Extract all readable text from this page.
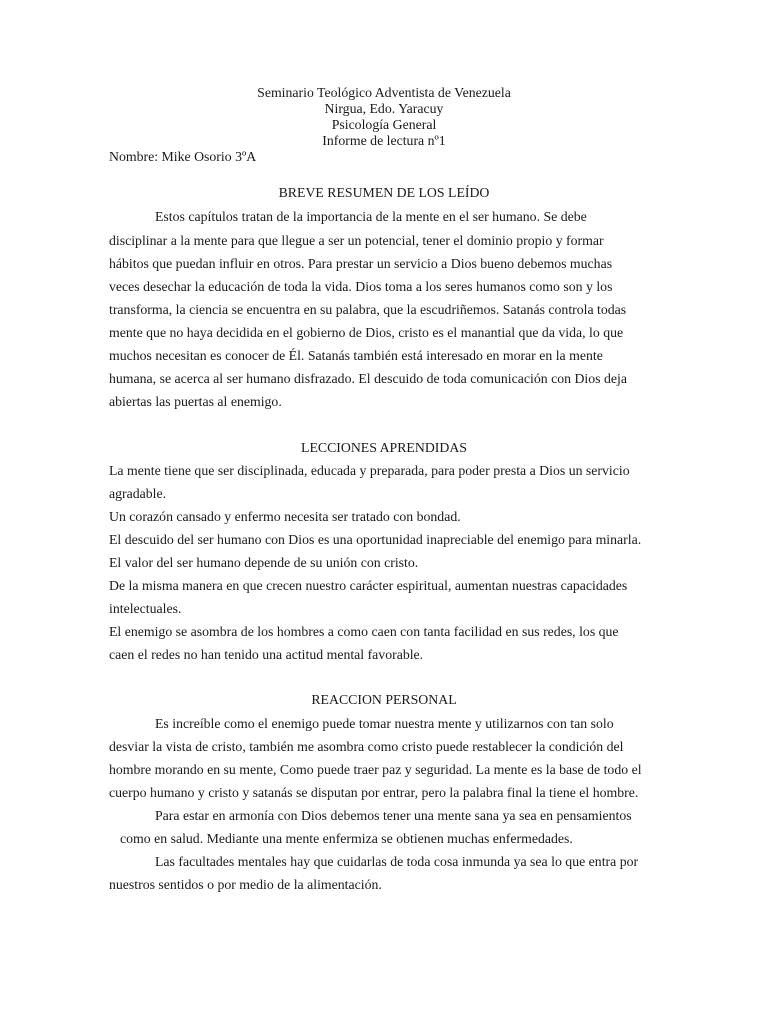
Seminario Teológico Adventista de Venezuela

Nirgua, Edo. Yaracuy

Psicología General

Informe de lectura nº1

Nombre: Mike Osorio 3ºA

BREVE RESUMEN DE LOS LEÍDO

Estos capítulos tratan de la importancia de la mente en el ser humano. Se debe

disciplinar a la mente para que llegue a ser un potencial, tener el dominio propio y formar

hábitos que puedan influir en otros. Para prestar un servicio a Dios bueno debemos muchas

veces desechar la educación de toda la vida. Dios toma a los seres humanos como son y los

transforma, la ciencia se encuentra en su palabra, que la escudriñemos. Satanás controla todas

mente que no haya decidida en el gobierno de Dios, cristo es el manantial que da vida, lo que

muchos necesitan es conocer de Él. Satanás también está interesado en morar en la mente

humana, se acerca al ser humano disfrazado. El descuido de toda comunicación con Dios deja

abiertas las puertas al enemigo.

LECCIONES APRENDIDAS

La mente tiene que ser disciplinada, educada y preparada, para poder presta a Dios un servicio

agradable.

Un corazón cansado y enfermo necesita ser tratado con bondad.

El descuido del ser humano con Dios es una oportunidad inapreciable del enemigo para minarla.

El valor del ser humano depende de su unión con cristo.

De la misma manera en que crecen nuestro carácter espiritual, aumentan nuestras capacidades

intelectuales.

El enemigo se asombra de los hombres a como caen con tanta facilidad en sus redes, los que

caen el redes no han tenido una actitud mental favorable.

REACCION PERSONAL

Es increíble como el enemigo puede tomar nuestra mente y utilizarnos con tan solo

desviar la vista de cristo, también me asombra como cristo puede restablecer la condición del

hombre morando en su mente, Como puede traer paz y seguridad. La mente es la base de todo el

cuerpo humano y cristo y satanás se disputan por entrar, pero la palabra final la tiene el hombre.

Para estar en armonía con Dios debemos tener una mente sana ya sea en pensamientos

como en salud. Mediante una mente enfermiza se obtienen muchas enfermedades.

Las facultades mentales hay que cuidarlas de toda cosa inmunda ya sea lo que entra por

nuestros sentidos o por medio de la alimentación.
